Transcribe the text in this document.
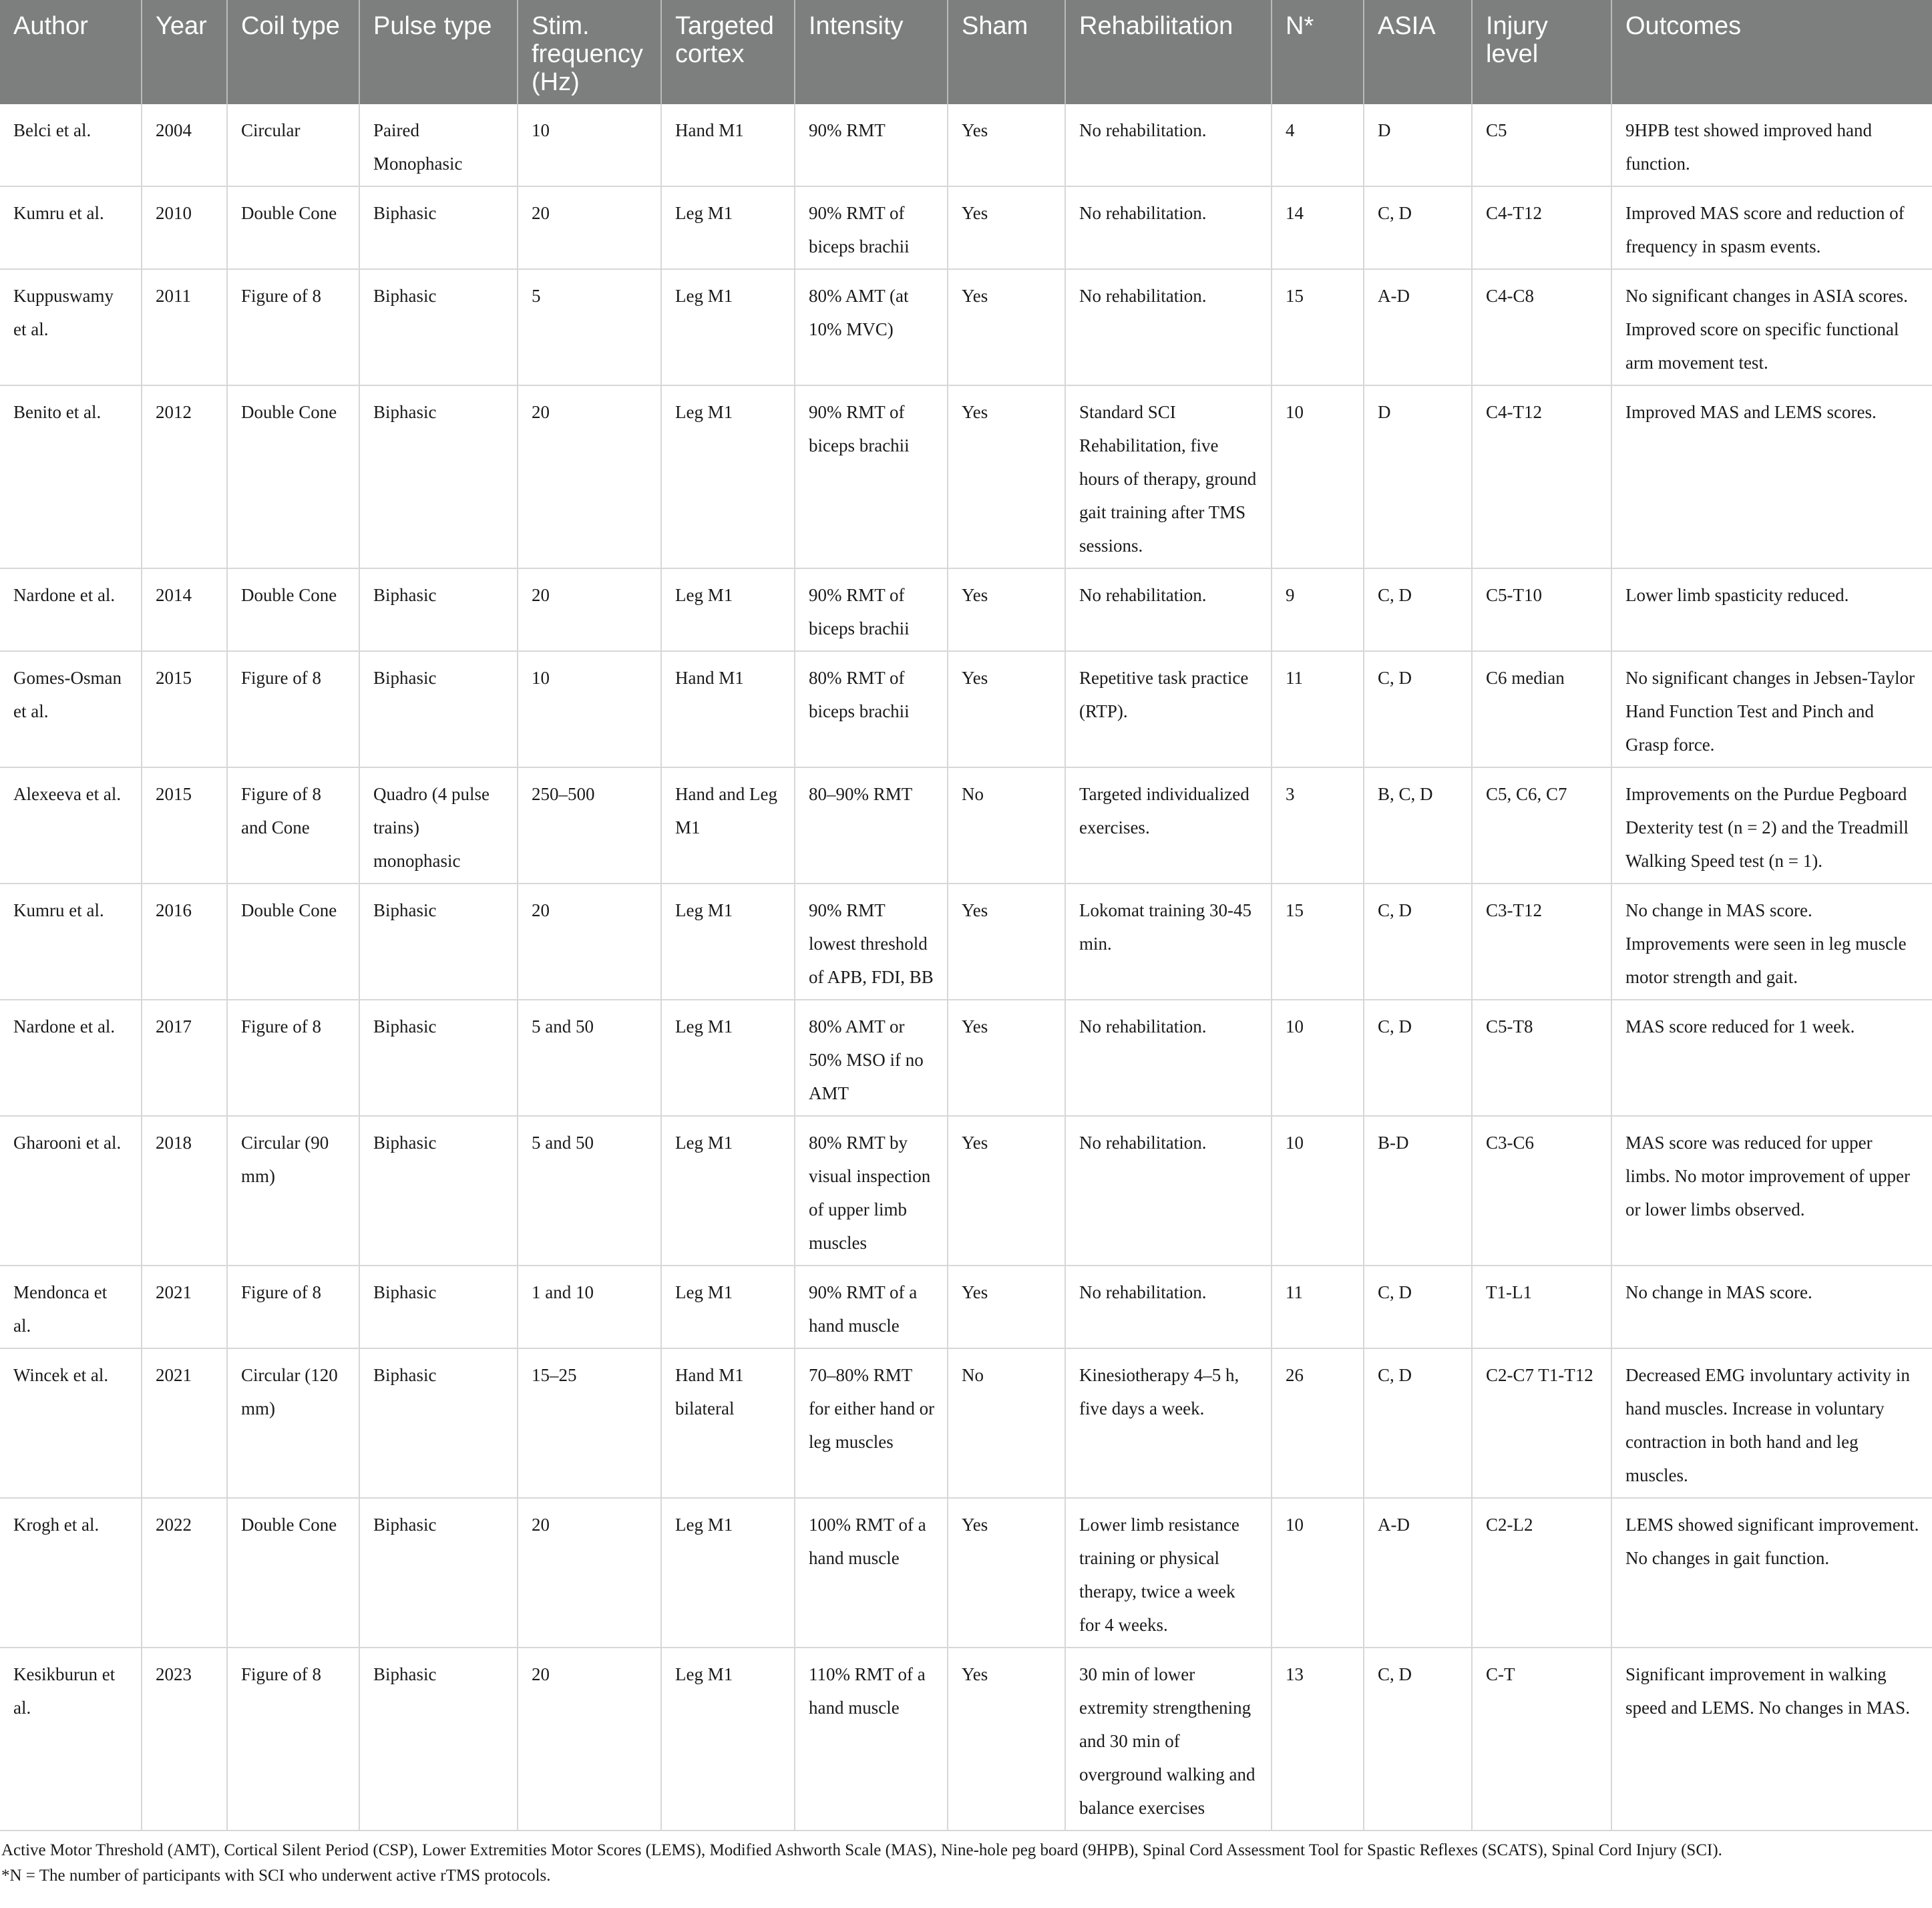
Author	Year	Coil type	Pulse type	Stim. frequency (Hz)	Targeted cortex	Intensity	Sham	Rehabilitation	N*	ASIA	Injury level	Outcomes
Belci et al.	2004	Circular	Paired Monophasic	10	Hand M1	90% RMT	Yes	No rehabilitation.	4	D	C5	9HPB test showed improved hand function.
Kumru et al.	2010	Double Cone	Biphasic	20	Leg M1	90% RMT of biceps brachii	Yes	No rehabilitation.	14	C, D	C4-T12	Improved MAS score and reduction of frequency in spasm events.
Kuppuswamy et al.	2011	Figure of 8	Biphasic	5	Leg M1	80% AMT (at 10% MVC)	Yes	No rehabilitation.	15	A-D	C4-C8	No significant changes in ASIA scores. Improved score on specific functional arm movement test.
Benito et al.	2012	Double Cone	Biphasic	20	Leg M1	90% RMT of biceps brachii	Yes	Standard SCI Rehabilitation, five hours of therapy, ground gait training after TMS sessions.	10	D	C4-T12	Improved MAS and LEMS scores.
Nardone et al.	2014	Double Cone	Biphasic	20	Leg M1	90% RMT of biceps brachii	Yes	No rehabilitation.	9	C, D	C5-T10	Lower limb spasticity reduced.
Gomes-Osman et al.	2015	Figure of 8	Biphasic	10	Hand M1	80% RMT of biceps brachii	Yes	Repetitive task practice (RTP).	11	C, D	C6 median	No significant changes in Jebsen-Taylor Hand Function Test and Pinch and Grasp force.
Alexeeva et al.	2015	Figure of 8 and Cone	Quadro (4 pulse trains) monophasic	250–500	Hand and Leg M1	80–90% RMT	No	Targeted individualized exercises.	3	B, C, D	C5, C6, C7	Improvements on the Purdue Pegboard Dexterity test (n = 2) and the Treadmill Walking Speed test (n = 1).
Kumru et al.	2016	Double Cone	Biphasic	20	Leg M1	90% RMT lowest threshold of APB, FDI, BB	Yes	Lokomat training 30-45 min.	15	C, D	C3-T12	No change in MAS score. Improvements were seen in leg muscle motor strength and gait.
Nardone et al.	2017	Figure of 8	Biphasic	5 and 50	Leg M1	80% AMT or 50% MSO if no AMT	Yes	No rehabilitation.	10	C, D	C5-T8	MAS score reduced for 1 week.
Gharooni et al.	2018	Circular (90 mm)	Biphasic	5 and 50	Leg M1	80% RMT by visual inspection of upper limb muscles	Yes	No rehabilitation.	10	B-D	C3-C6	MAS score was reduced for upper limbs. No motor improvement of upper or lower limbs observed.
Mendonca et al.	2021	Figure of 8	Biphasic	1 and 10	Leg M1	90% RMT of a hand muscle	Yes	No rehabilitation.	11	C, D	T1-L1	No change in MAS score.
Wincek et al.	2021	Circular (120 mm)	Biphasic	15–25	Hand M1 bilateral	70–80% RMT for either hand or leg muscles	No	Kinesiotherapy 4–5 h, five days a week.	26	C, D	C2-C7 T1-T12	Decreased EMG involuntary activity in hand muscles. Increase in voluntary contraction in both hand and leg muscles.
Krogh et al.	2022	Double Cone	Biphasic	20	Leg M1	100% RMT of a hand muscle	Yes	Lower limb resistance training or physical therapy, twice a week for 4 weeks.	10	A-D	C2-L2	LEMS showed significant improvement. No changes in gait function.
Kesikburun et al.	2023	Figure of 8	Biphasic	20	Leg M1	110% RMT of a hand muscle	Yes	30 min of lower extremity strengthening and 30 min of overground walking and balance exercises	13	C, D	C-T	Significant improvement in walking speed and LEMS. No changes in MAS.
Active Motor Threshold (AMT), Cortical Silent Period (CSP), Lower Extremities Motor Scores (LEMS), Modified Ashworth Scale (MAS), Nine-hole peg board (9HPB), Spinal Cord Assessment Tool for Spastic Reflexes (SCATS), Spinal Cord Injury (SCI).
*N = The number of participants with SCI who underwent active rTMS protocols.
